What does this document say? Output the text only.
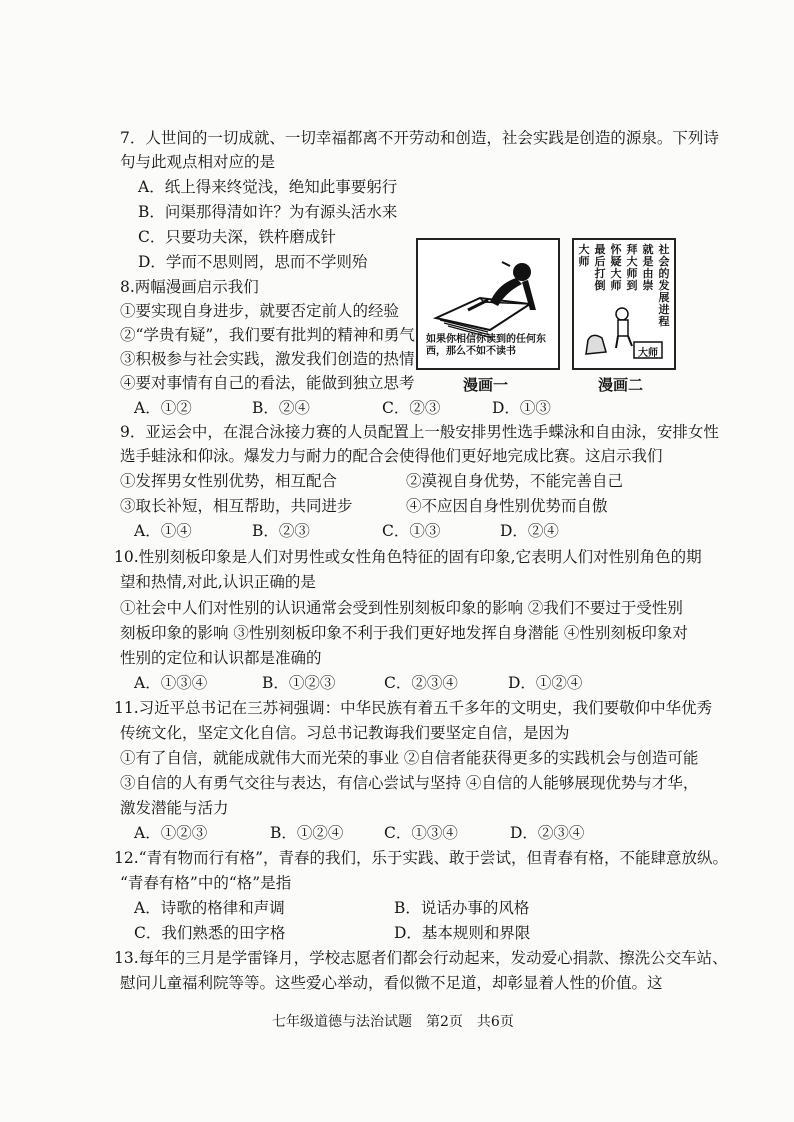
7．人世间的一切成就、一切幸福都离不开劳动和创造，社会实践是创造的源泉。下列诗
句与此观点相对应的是
A．纸上得来终觉浅，绝知此事要躬行
B．问渠那得清如许？为有源头活水来
C．只要功夫深，铁杵磨成针
D．学而不思则罔，思而不学则殆
8.两幅漫画启示我们
①要实现自身进步，就要否定前人的经验
②“学贵有疑”，我们要有批判的精神和勇气
③积极参与社会实践，激发我们创造的热情
④要对事情有自己的看法，能做到独立思考
A．①②	B．②④	C．②③	D．①③
如果你相信你读到的任何东西，那么不如不读书
漫画一
社会的发展进程
就是由崇
拜大师到
怀疑大师
最后打倒
大师
大师
漫画二
9．亚运会中，在混合泳接力赛的人员配置上一般安排男性选手蝶泳和自由泳，安排女性
选手蛙泳和仰泳。爆发力与耐力的配合会使得他们更好地完成比赛。这启示我们
①发挥男女性别优势，相互配合	②漠视自身优势，不能完善自己
③取长补短，相互帮助，共同进步	④不应因自身性别优势而自傲
A．①④	B．②③	C．①③	D．②④
10.性别刻板印象是人们对男性或女性角色特征的固有印象,它表明人们对性别角色的期
望和热情,对此,认识正确的是
①社会中人们对性别的认识通常会受到性别刻板印象的影响 ②我们不要过于受性别
刻板印象的影响 ③性别刻板印象不利于我们更好地发挥自身潜能 ④性别刻板印象对
性别的定位和认识都是准确的
A．①③④	B．①②③	C．②③④	D．①②④
11.习近平总书记在三苏祠强调：中华民族有着五千多年的文明史，我们要敬仰中华优秀
传统文化，坚定文化自信。习总书记教诲我们要坚定自信，是因为
①有了自信，就能成就伟大而光荣的事业 ②自信者能获得更多的实践机会与创造可能
③自信的人有勇气交往与表达，有信心尝试与坚持 ④自信的人能够展现优势与才华，
激发潜能与活力
A．①②③	B．①②④	C．①③④	D．②③④
12.“青有物而行有格”，青春的我们，乐于实践、敢于尝试，但青春有格，不能肆意放纵。
“青春有格”中的“格”是指
A．诗歌的格律和声调	B．说话办事的风格
C．我们熟悉的田字格	D．基本规则和界限
13.每年的三月是学雷锋月，学校志愿者们都会行动起来，发动爱心捐款、擦洗公交车站、
慰问儿童福利院等等。这些爱心举动，看似微不足道，却彰显着人性的价值。这
七年级道德与法治试题　第2页　共6页
